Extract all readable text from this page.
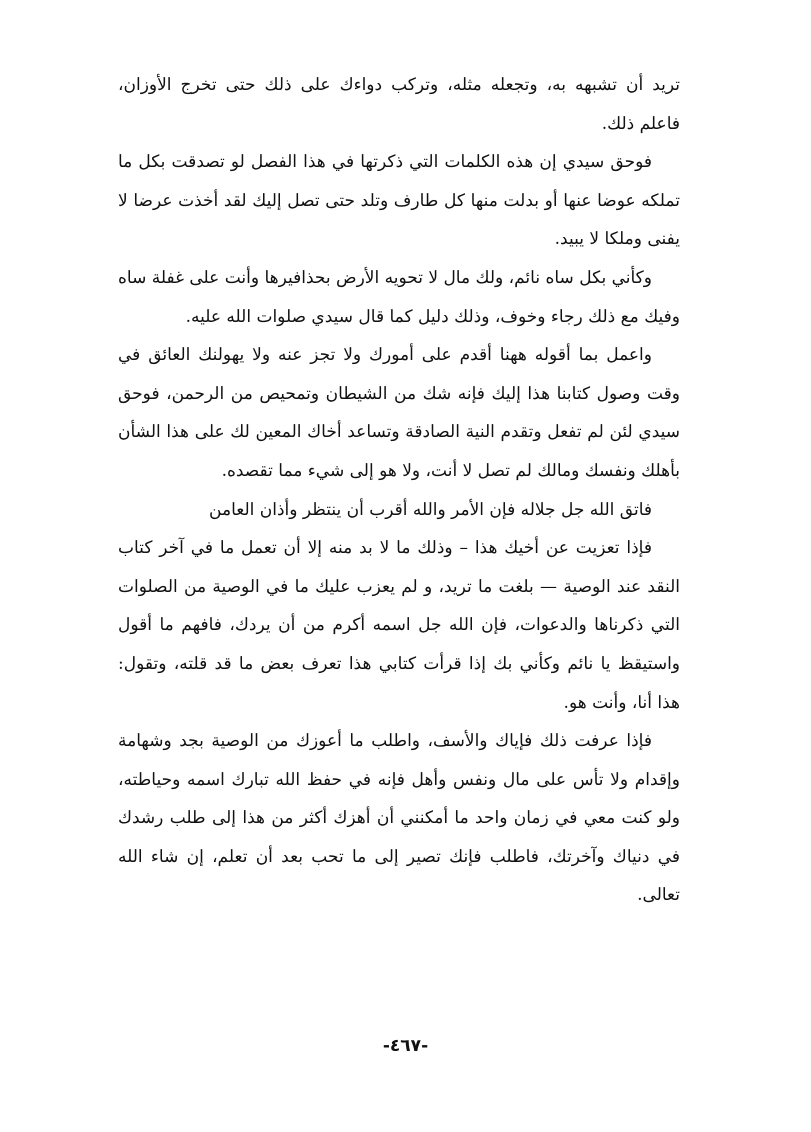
تريد أن تشبهه به، وتجعله مثله، وتركب دواءك على ذلك حتى تخرج الأوزان، فاعلم ذلك.

فوحق سيدي إن هذه الكلمات التي ذكرتها في هذا الفصل لو تصدقت بكل ما تملكه عوضا عنها أو بدلت منها كل طارف وتلد حتى تصل إليك لقد أخذت عرضا لا يفنى وملكا لا يبيد.

وكأني بكل ساه نائم، ولك مال لا تحويه الأرض بحذافيرها وأنت على غفلة ساه وفيك مع ذلك رجاء وخوف، وذلك دليل كما قال سيدي صلوات الله عليه.

واعمل بما أقوله ههنا أقدم على أمورك ولا تجز عنه ولا يهولنك العائق في وقت وصول كتابنا هذا إليك فإنه شك من الشيطان وتمحيص من الرحمن، فوحق سيدي لئن لم تفعل وتقدم النية الصادقة وتساعد أخاك المعين لك على هذا الشأن بأهلك ونفسك ومالك لم تصل لا أنت، ولا هو إلى شيء مما تقصده.

فاتق الله جل جلاله فإن الأمر والله أقرب أن ينتظر وأذان العامن

فإذا تعزيت عن أخيك هذا – وذلك ما لا بد منه إلا أن تعمل ما في آخر كتاب النقد عند الوصية — بلغت ما تريد، و لم يعزب عليك ما في الوصية من الصلوات التي ذكرناها والدعوات، فإن الله جل اسمه أكرم من أن يردك، فافهم ما أقول واستيقظ يا نائم وكأني بك إذا قرأت كتابي هذا تعرف بعض ما قد قلته، وتقول: هذا أنا، وأنت هو.

فإذا عرفت ذلك فإياك والأسف، واطلب ما أعوزك من الوصية بجد وشهامة وإقدام ولا تأس على مال ونفس وأهل فإنه في حفظ الله تبارك اسمه وحياطته، ولو كنت معي في زمان واحد ما أمكنني أن أهزك أكثر من هذا إلى طلب رشدك في دنياك وآخرتك، فاطلب فإنك تصير إلى ما تحب بعد أن تعلم، إن شاء الله تعالى.

-٤٦٧-
